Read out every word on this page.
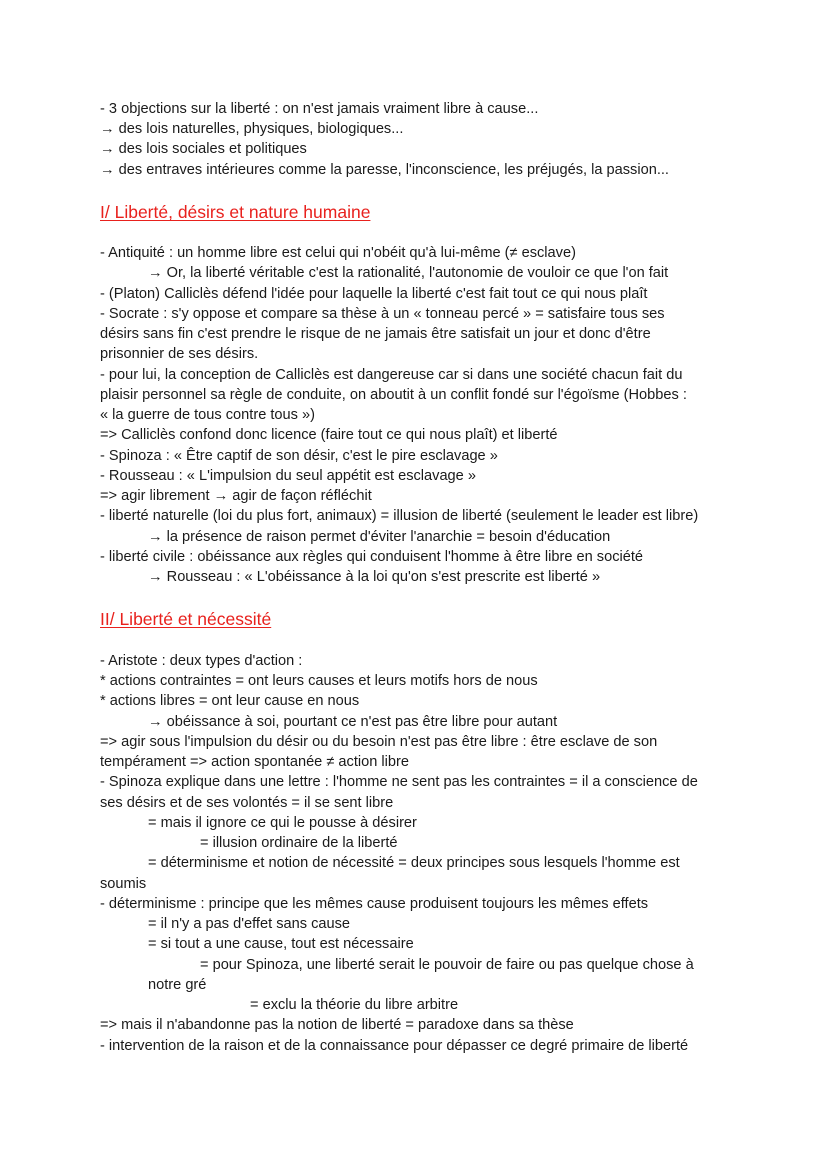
- 3 objections sur la liberté : on n'est jamais vraiment libre à cause...
→ des lois naturelles, physiques, biologiques...
→ des lois sociales et politiques
→ des entraves intérieures comme la paresse, l'inconscience, les préjugés, la passion...
I/ Liberté, désirs et nature humaine
- Antiquité : un homme libre est celui qui n'obéit qu'à lui-même (≠ esclave)
→ Or, la liberté véritable c'est la rationalité, l'autonomie de vouloir ce que l'on fait
- (Platon) Calliclès défend l'idée pour laquelle la liberté c'est fait tout ce qui nous plaît
- Socrate : s'y oppose et compare sa thèse à un « tonneau percé » = satisfaire tous ses
désirs sans fin c'est prendre le risque de ne jamais être satisfait un jour et donc d'être
prisonnier de ses désirs.
- pour lui, la conception de Calliclès est dangereuse car si dans une société chacun fait du
plaisir personnel sa règle de conduite, on aboutit à un conflit fondé sur l'égoïsme (Hobbes :
« la guerre de tous contre tous »)
=> Calliclès confond donc licence (faire tout ce qui nous plaît) et liberté
- Spinoza : « Être captif de son désir, c'est le pire esclavage »
- Rousseau : « L'impulsion du seul appétit est esclavage »
=> agir librement → agir de façon réfléchit
- liberté naturelle (loi du plus fort, animaux) = illusion de liberté (seulement le leader est libre)
→ la présence de raison permet d'éviter l'anarchie = besoin d'éducation
- liberté civile : obéissance aux règles qui conduisent l'homme à être libre en société
→ Rousseau : « L'obéissance à la loi qu'on s'est prescrite est liberté »
II/ Liberté et nécessité
- Aristote : deux types d'action :
* actions contraintes = ont leurs causes et leurs motifs hors de nous
* actions libres = ont leur cause en nous
→ obéissance à soi, pourtant ce n'est pas être libre pour autant
=> agir sous l'impulsion du désir ou du besoin n'est pas être libre : être esclave de son
tempérament => action spontanée ≠ action libre
- Spinoza explique dans une lettre : l'homme ne sent pas les contraintes = il a conscience de
ses désirs et de ses volontés = il se sent libre
= mais il ignore ce qui le pousse à désirer
= illusion ordinaire de la liberté
= déterminisme et notion de nécessité = deux principes sous lesquels l'homme est
soumis
- déterminisme : principe que les mêmes cause produisent toujours les mêmes effets
= il n'y a pas d'effet sans cause
= si tout a une cause, tout est nécessaire
= pour Spinoza, une liberté serait le pouvoir de faire ou pas quelque chose à
notre gré
= exclu la théorie du libre arbitre
=> mais il n'abandonne pas la notion de liberté = paradoxe dans sa thèse
- intervention de la raison et de la connaissance pour dépasser ce degré primaire de liberté
